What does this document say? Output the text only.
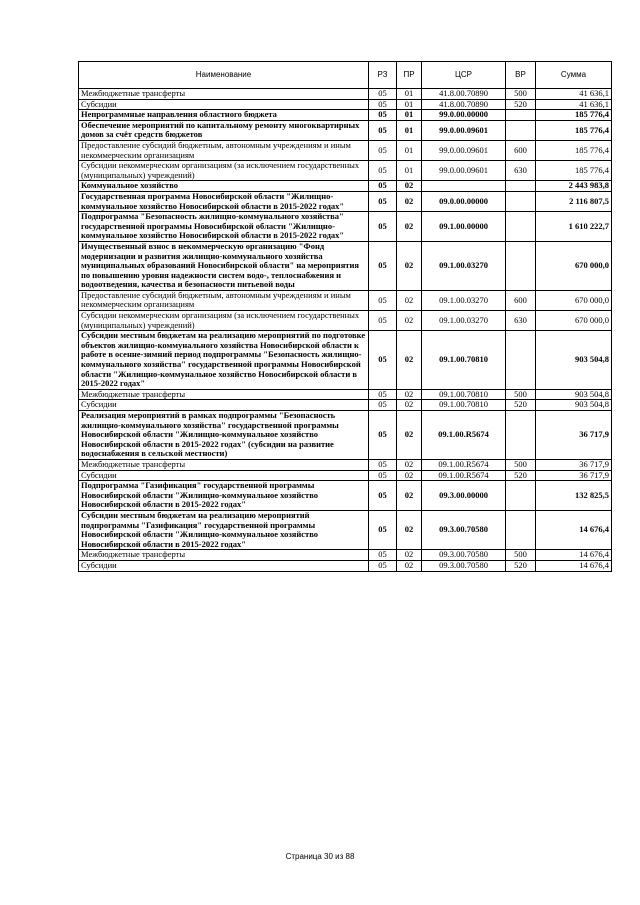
Наименование	РЗ	ПР	ЦСР	ВР	Сумма
Межбюджетные трансферты	05	01	41.8.00.70890	500	41 636,1
Субсидии	05	01	41.8.00.70890	520	41 636,1
Непрограммные направления областного бюджета	05	01	99.0.00.00000		185 776,4
Обеспечение мероприятий по капитальному ремонту многоквартирных домов за счёт средств бюджетов	05	01	99.0.00.09601		185 776,4
Предоставление субсидий бюджетным, автономным учреждениям и иным некоммерческим организациям	05	01	99.0.00.09601	600	185 776,4
Субсидии некоммерческим организациям (за исключением государственных (муниципальных) учреждений)	05	01	99.0.00.09601	630	185 776,4
Коммунальное хозяйство	05	02			2 443 983,8
Государственная программа Новосибирской области "Жилищно-коммунальное хозяйство Новосибирской области в 2015-2022 годах"	05	02	09.0.00.00000		2 116 807,5
Подпрограмма "Безопасность жилищно-коммунального хозяйства" государственной программы Новосибирской области "Жилищно-коммунальное хозяйство Новосибирской области в 2015-2022 годах"	05	02	09.1.00.00000		1 610 222,7
Имущественный взнос в некоммерческую организацию "Фонд модернизации и развития жилищно-коммунального хозяйства муниципальных образований Новосибирской области" на мероприятия по повышению уровня надежности систем водо-, теплоснабжения и водоотведения, качества и безопасности питьевой воды	05	02	09.1.00.03270		670 000,0
Предоставление субсидий бюджетным, автономным учреждениям и иным некоммерческим организациям	05	02	09.1.00.03270	600	670 000,0
Субсидии некоммерческим организациям (за исключением государственных (муниципальных) учреждений)	05	02	09.1.00.03270	630	670 000,0
Субсидии местным бюджетам на реализацию мероприятий по подготовке объектов жилищно-коммунального хозяйства Новосибирской области к работе в осенне-зимний период подпрограммы "Безопасность жилищно-коммунального хозяйства" государственной программы Новосибирской области "Жилищно-коммунальное хозяйство Новосибирской области в 2015-2022 годах"	05	02	09.1.00.70810		903 504,8
Межбюджетные трансферты	05	02	09.1.00.70810	500	903 504,8
Субсидии	05	02	09.1.00.70810	520	903 504,8
Реализация мероприятий в рамках подпрограммы "Безопасность жилищно-коммунального хозяйства" государственной программы Новосибирской области "Жилищно-коммунальное хозяйство Новосибирской области в 2015-2022 годах" (субсидии на развитие водоснабжения в сельской местности)	05	02	09.1.00.R5674		36 717,9
Межбюджетные трансферты	05	02	09.1.00.R5674	500	36 717,9
Субсидии	05	02	09.1.00.R5674	520	36 717,9
Подпрограмма "Газификация" государственной программы Новосибирской области "Жилищно-коммунальное хозяйство Новосибирской области в 2015-2022 годах"	05	02	09.3.00.00000		132 825,5
Субсидии местным бюджетам на реализацию мероприятий подпрограммы "Газификация" государственной программы Новосибирской области "Жилищно-коммунальное хозяйство Новосибирской области в 2015-2022 годах"	05	02	09.3.00.70580		14 676,4
Межбюджетные трансферты	05	02	09.3.00.70580	500	14 676,4
Субсидии	05	02	09.3.00.70580	520	14 676,4
Страница 30 из 88
